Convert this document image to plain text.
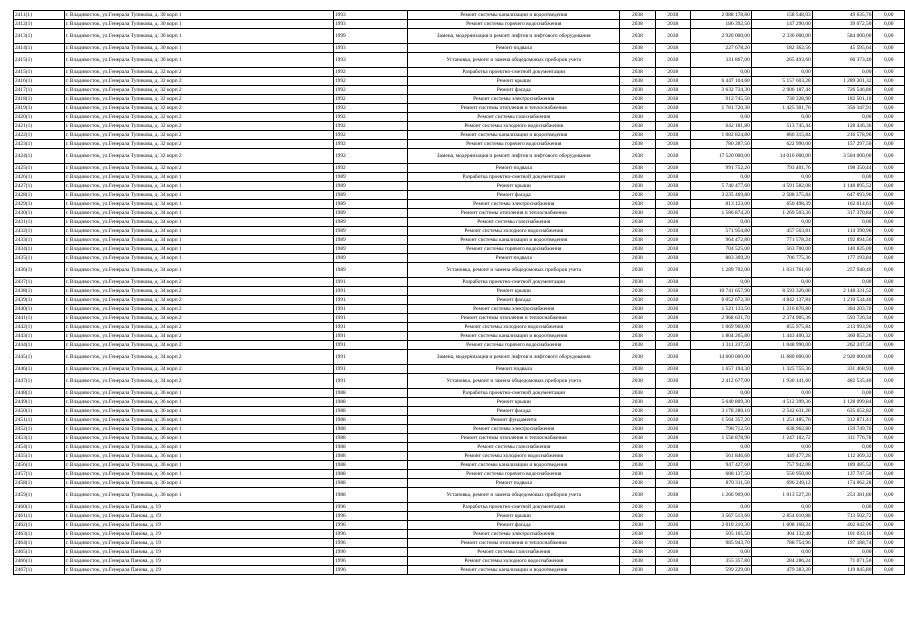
2411(1)	г. Владивосток, ул.Генерала Тупикова, д. 30 корп 1	1993	Ремонт системы канализации и водоотведения	2038	2038	2 088 178,80	158 548,03	49 635,76	0,00
2412(1)	г. Владивосток, ул.Генерала Тупикова, д. 30 корп 1	1993	Ремонт системы горячего водоснабжения	2038	2038	186 392,50	147 290,00	39 072,50	0,00
2413(1)	г. Владивосток, ул.Генерала Тупикова, д. 30 корп 1	1999	Замена, модернизация и ремонт лифтов и лифтового оборудования	2038	2038	2 920 000,00	2 336 000,00	584 000,00	0,00
2414(1)	г. Владивосток, ул.Генерала Тупикова, д. 30 корп 1	1993	Ремонт подвала	2038	2038	227 678,20	182 362,56	45 595,64	0,00
2415(1)	г. Владивосток, ул.Генерала Тупикова, д. 30 корп 1	1993	Установка, ремонт и замена общедомовых приборов учета	2038	2038	331 867,00	265 493,60	66 373,40	0,00
2415(1)	г. Владивосток, ул.Генерала Тупикова, д. 32 корп 2	1992	Разработка проектно-сметной документации	2038	2038	0,00	0,00	0,00	0,00
2416(1)	г. Владивосток, ул.Генерала Тупикова, д. 32 корп 2	1992	Ремонт крыши	2038	2038	6 447 104,60	5 157 603,28	1 289 301,32	0,00
2417(1)	г. Владивосток, ул.Генерала Тупикова, д. 32 корп 2	1992	Ремонт фасада	2038	2038	3 632 734,30	2 906 187,44	726 546,86	0,00
2418(1)	г. Владивосток, ул.Генерала Тупикова, д. 32 корп 2	1992	Ремонт системы электроснабжения	2038	2038	912 745,50	730 328,90	182 501,10	0,00
2419(1)	г. Владивосток, ул.Генерала Тупикова, д. 32 корп 2	1992	Ремонт системы отопления и теплоснабжения	2038	2038	1 781 720,30	1 425 301,76	356 347,91	0,00
2420(1)	г. Владивосток, ул.Генерала Тупикова, д. 32 корп 2	1992	Ремонт системы газоснабжения	2038	2038	0,00	0,00	0,00	0,00
2421(1)	г. Владивосток, ул.Генерала Тупикова, д. 32 корп 2	1992	Ремонт системы холодного водоснабжения	2038	2038	642 181,80	513 745,44	128 436,36	0,00
2422(1)	г. Владивосток, ул.Генерала Тупикова, д. 32 корп 2	1992	Ремонт системы канализации и водоотведения	2038	2038	1 082 824,80	866 315,84	216 578,96	0,00
2423(1)	г. Владивосток, ул.Генерала Тупикова, д. 32 корп 2	1992	Ремонт системы горячего водоснабжения	2038	2038	780 287,50	622 990,00	157 297,50	0,00
2424(1)	г. Владивосток, ул.Генерала Тупикова, д. 32 корп 2	1992	Замена, модернизация и ремонт лифтов и лифтового оборудования	2038	2038	17 520 000,00	14 016 000,00	3 504 000,00	0,00
2425(1)	г. Владивосток, ул.Генерала Тупикова, д. 32 корп 2	1992	Ремонт подвала	2038	2038	991 752,20	793 401,76	198 350,44	0,00
2426(1)	г. Владивосток, ул.Генерала Тупикова, д. 34 корп 1	1989	Разработка проектно-сметной документации	2038	2038	0,00	0,00	0,00	0,00
2427(1)	г. Владивосток, ул.Генерала Тупикова, д. 34 корп 1	1989	Ремонт крыши	2038	2038	5 740 477,60	4 591 582,08	1 148 895,52	0,00
2428(1)	г. Владивосток, ул.Генерала Тупикова, д. 34 корп 1	1989	Ремонт фасада	2038	2038	3 235 469,80	2 588 375,84	647 093,96	0,00
2429(1)	г. Владивосток, ул.Генерала Тупикова, д. 34 корп 1	1989	Ремонт системы электроснабжения	2038	2038	813 123,00	650 498,39	162 614,61	0,00
2430(1)	г. Владивосток, ул.Генерала Тупикова, д. 34 корп 1	1989	Ремонт системы отопления и теплоснабжения	2038	2038	1 586 874,20	1 269 503,36	317 370,84	0,00
2431(1)	г. Владивосток, ул.Генерала Тупикова, д. 34 корп 1	1989	Ремонт системы газоснабжения	2038	2038	0,00	0,00	0,00	0,00
2432(1)	г. Владивосток, ул.Генерала Тупикова, д. 34 корп 1	1989	Ремонт системы холодного водоснабжения	2038	2038	571 954,80	457 563,81	114 390,96	0,00
2433(1)	г. Владивосток, ул.Генерала Тупикова, д. 34 корп 1	1989	Ремонт системы канализации и водоотведения	2038	2038	964 472,80	771 578,24	192 894,56	0,00
2434(1)	г. Владивосток, ул.Генерала Тупикова, д. 34 корп 1	1989	Ремонт системы горячего водоснабжения	2038	2038	704 525,00	563 700,00	140 825,00	0,00
2435(1)	г. Владивосток, ул.Генерала Тупикова, д. 34 корп 1	1989	Ремонт подвала	2038	2038	883 369,20	706 775,36	177 193,84	0,00
2436(1)	г. Владивосток, ул.Генерала Тупикова, д. 34 корп 1	1989	Установка, ремонт и замена общедомовых приборов учета	2038	2038	1 289 702,00	1 031 761,60	257 940,40	0,00
2437(1)	г. Владивосток, ул.Генерала Тупикова, д. 34 корп 2	1991	Разработка проектно-сметной документации	2038	2038	0,00	0,00	0,00	0,00
2438(1)	г. Владивосток, ул.Генерала Тупикова, д. 34 корп 2	1991	Ремонт крыши	2038	2038	10 741 657,90	8 593 326,08	2 148 331,52	0,00
2439(1)	г. Владивосток, ул.Генерала Тупикова, д. 34 корп 2	1991	Ремонт фасада	2038	2038	6 052 672,30	4 842 137,84	1 210 534,46	0,00
2440(1)	г. Владивосток, ул.Генерала Тупикова, д. 34 корп 2	1991	Ремонт системы электроснабжения	2038	2038	1 521 133,50	1 216 876,80	304 203,70	0,00
2441(1)	г. Владивосток, ул.Генерала Тупикова, д. 34 корп 2	1991	Ремонт системы отопления и теплоснабжения	2038	2038	2 968 631,70	2 374 905,36	593 726,34	0,00
2442(1)	г. Владивосток, ул.Генерала Тупикова, д. 34 корп 2	1991	Ремонт системы холодного водоснабжения	2038	2038	1 069 969,00	855 975,84	213 993,96	0,00
2443(1)	г. Владивосток, ул.Генерала Тупикова, д. 34 корп 2	1991	Ремонт системы канализации и водоотведения	2038	2038	1 804 265,80	1 443 400,32	360 853,26	0,00
2444(1)	г. Владивосток, ул.Генерала Тупикова, д. 34 корп 2	1991	Ремонт системы горячего водоснабжения	2038	2038	1 311 237,50	1 048 990,00	262 247,50	0,00
2445(1)	г. Владивосток, ул.Генерала Тупикова, д. 34 корп 2	1991	Замена, модернизация и ремонт лифтов и лифтового оборудования	2038	2038	14 600 000,00	11 680 000,00	2 920 000,00	0,00
2446(1)	г. Владивосток, ул.Генерала Тупикова, д. 34 корп 2	1991	Ремонт подвала	2038	2038	1 657 194,30	1 325 755,36	331 468,93	0,00
2447(1)	г. Владивосток, ул.Генерала Тупикова, д. 34 корп 2	1991	Установка, ремонт и замена общедомовых приборов учета	2038	2038	2 412 677,00	1 930 141,60	482 535,40	0,00
2448(1)	г. Владивосток, ул.Генерала Тупикова, д. 36 корп 1	1988	Разработка проектно-сметной документации	2038	2038	0,00	0,00	0,00	0,00
2449(1)	г. Владивосток, ул.Генерала Тупикова, д. 36 корп 1	1988	Ремонт крыши	2038	2038	5 640 809,30	4 512 399,36	1 128 099,84	0,00
2450(1)	г. Владивосток, ул.Генерала Тупикова, д. 36 корп 1	1988	Ремонт фасада	2038	2038	3 178 280,10	2 542 631,28	635 652,82	0,00
2451(1)	г. Владивосток, ул.Генерала Тупикова, д. 36 корп 1	1988	Ремонт фундамента	2038	2038	1 564 357,20	1 251 485,76	312 871,41	0,00
2452(1)	г. Владивосток, ул.Генерала Тупикова, д. 36 корп 1	1988	Ремонт системы электроснабжения	2038	2038	798 712,50	638 962,80	159 749,70	0,00
2453(1)	г. Владивосток, ул.Генерала Тупикова, д. 36 корп 1	1988	Ремонт системы отопления и теплоснабжения	2038	2038	1 558 878,90	1 247 102,72	311 776,78	0,00
2454(1)	г. Владивосток, ул.Генерала Тупикова, д. 36 корп 1	1988	Ремонт системы газоснабжения	2038	2038	0,00	0,00	0,00	0,00
2455(1)	г. Владивосток, ул.Генерала Тупикова, д. 36 корп 1	1988	Ремонт системы холодного водоснабжения	2038	2038	561 846,60	449 477,28	112 369,32	0,00
2456(1)	г. Владивосток, ул.Генерала Тупикова, д. 36 корп 1	1988	Ремонт системы канализации и водоотведения	2038	2038	947 427,60	757 942,08	189 485,52	0,00
2457(1)	г. Владивосток, ул.Генерала Тупикова, д. 36 корп 1	1988	Ремонт системы горячего водоснабжения	2038	2038	688 137,50	550 950,00	137 747,50	0,00
2458(1)	г. Владивосток, ул.Генерала Тупикова, д. 36 корп 1	1988	Ремонт подвала	2038	2038	870 311,50	696 249,12	174 062,28	0,00
2459(1)	г. Владивосток, ул.Генерала Тупикова, д. 36 корп 1	1988	Установка, ремонт и замена общедомовых приборов учета	2038	2038	1 266 909,00	1 013 527,20	253 381,80	0,00
2460(1)	г. Владивосток, ул.Генерала Панова, д. 19	1996	Разработка проектно-сметной документации	2038	2038	0,00	0,00	0,00	0,00
2461(1)	г. Владивосток, ул.Генерала Панова, д. 19	1996	Ремонт крыши	2038	2038	3 567 513,60	2 854 010,88	713 502,72	0,00
2462(1)	г. Владивосток, ул.Генерала Панова, д. 19	1996	Ремонт фасада	2038	2038	2 010 210,30	1 608 168,24	402 042,06	0,00
2463(1)	г. Владивосток, ул.Генерала Панова, д. 19	1996	Ремонт системы электроснабжения	2038	2038	505 165,50	404 132,40	101 033,10	0,00
2464(1)	г. Владивосток, ул.Генерала Панова, д. 19	1996	Ремонт системы отопления и теплоснабжения	2038	2038	985 943,70	788 754,96	197 188,74	0,00
2465(1)	г. Владивосток, ул.Генерала Панова, д. 19	1996	Ремонт системы газоснабжения	2038	2038	0,00	0,00	0,00	0,00
2466(1)	г. Владивосток, ул.Генерала Панова, д. 19	1996	Ремонт системы холодного водоснабжения	2038	2038	355 357,80	284 286,24	71 071,56	0,00
2467(1)	г. Владивосток, ул.Генерала Панова, д. 19	1996	Ремонт системы канализации и водоотведения	2038	2038	599 229,00	479 383,20	119 845,80	0,00
